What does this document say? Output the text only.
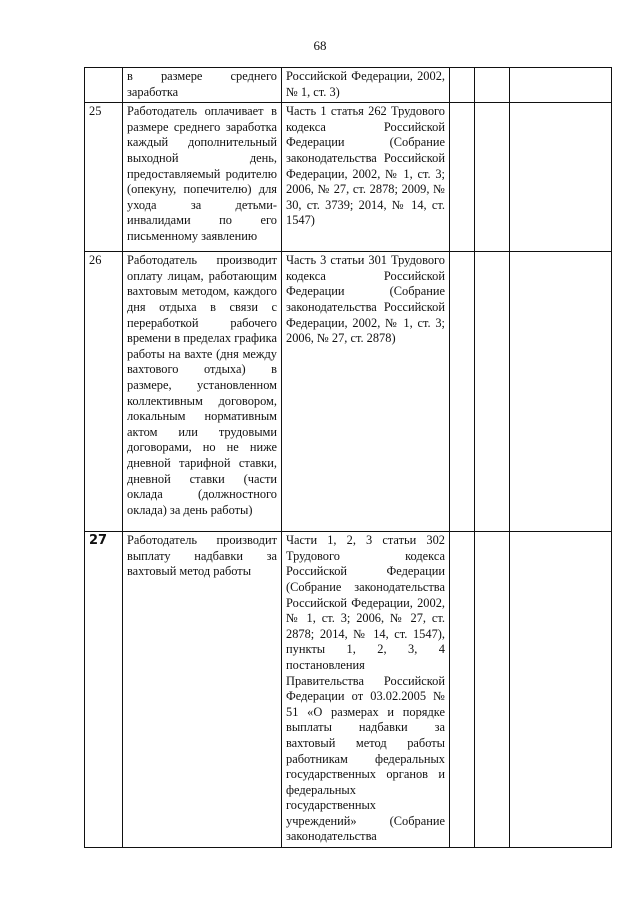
68
	в размере среднего заработка	Российской Федерации, 2002, № 1, ст. 3)			
25	Работодатель оплачивает в размере среднего заработка каждый дополнительный выходной день, предоставляемый родителю (опекуну, попечителю) для ухода за детьми-инвалидами по его письменному заявлению	Часть 1 статья 262 Трудового кодекса Российской Федерации (Собрание законодательства Российской Федерации, 2002, № 1, ст. 3; 2006, № 27, ст. 2878; 2009, № 30, ст. 3739; 2014, № 14, ст. 1547)			
26	Работодатель производит оплату лицам, работающим вахтовым методом, каждого дня отдыха в связи с переработкой рабочего времени в пределах графика работы на вахте (дня между вахтового отдыха) в размере, установленном коллективным договором, локальным нормативным актом или трудовыми договорами, но не ниже дневной тарифной ставки, дневной ставки (части оклада (должностного оклада) за день работы)	Часть 3 статьи 301 Трудового кодекса Российской Федерации (Собрание законодательства Российской Федерации, 2002, № 1, ст. 3; 2006, № 27, ст. 2878)			
27	Работодатель производит выплату надбавки за вахтовый метод работы	Части 1, 2, 3 статьи 302 Трудового кодекса Российской Федерации (Собрание законодательства Российской Федерации, 2002, № 1, ст. 3; 2006, № 27, ст. 2878; 2014, № 14, ст. 1547), пункты 1, 2, 3, 4 постановления Правительства Российской Федерации от 03.02.2005 № 51 «О размерах и порядке выплаты надбавки за вахтовый метод работы работникам федеральных государственных органов и федеральных государственных учреждений» (Собрание законодательства			
